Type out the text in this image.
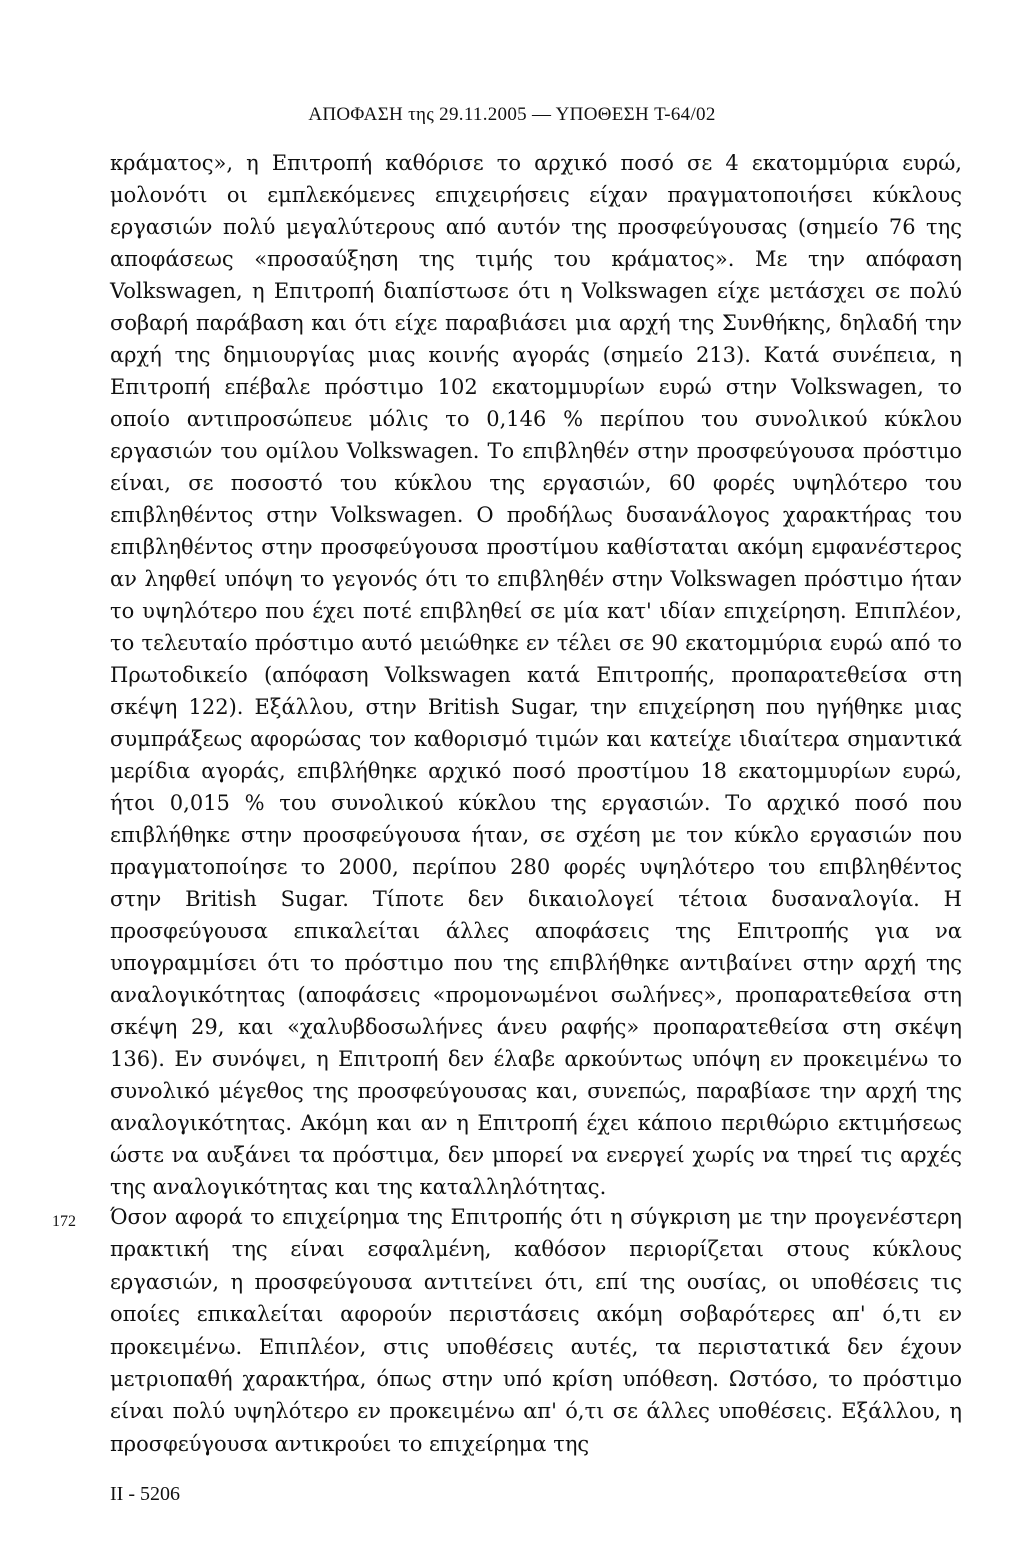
ΑΠΟΦΑΣΗ της 29.11.2005 — ΥΠΟΘΕΣΗ T-64/02
κράματος», η Επιτροπή καθόρισε το αρχικό ποσό σε 4 εκατομμύρια ευρώ, μολονότι οι εμπλεκόμενες επιχειρήσεις είχαν πραγματοποιήσει κύκλους εργασιών πολύ μεγαλύτερους από αυτόν της προσφεύγουσας (σημείο 76 της αποφάσεως «προσαύξηση της τιμής του κράματος». Με την απόφαση Volkswagen, η Επιτροπή διαπίστωσε ότι η Volkswagen είχε μετάσχει σε πολύ σοβαρή παράβαση και ότι είχε παραβιάσει μια αρχή της Συνθήκης, δηλαδή την αρχή της δημιουργίας μιας κοινής αγοράς (σημείο 213). Κατά συνέπεια, η Επιτροπή επέβαλε πρόστιμο 102 εκατομμυρίων ευρώ στην Volkswagen, το οποίο αντιπροσώπευε μόλις το 0,146 % περίπου του συνολικού κύκλου εργασιών του ομίλου Volkswagen. Το επιβληθέν στην προσφεύγουσα πρόστιμο είναι, σε ποσοστό του κύκλου της εργασιών, 60 φορές υψηλότερο του επιβληθέντος στην Volkswagen. Ο προδήλως δυσανάλογος χαρακτήρας του επιβληθέντος στην προσφεύγουσα προστίμου καθίσταται ακόμη εμφανέστερος αν ληφθεί υπόψη το γεγονός ότι το επιβληθέν στην Volkswagen πρόστιμο ήταν το υψηλότερο που έχει ποτέ επιβληθεί σε μία κατ' ιδίαν επιχείρηση. Επιπλέον, το τελευταίο πρόστιμο αυτό μειώθηκε εν τέλει σε 90 εκατομμύρια ευρώ από το Πρωτοδικείο (απόφαση Volkswagen κατά Επιτροπής, προπαρατεθείσα στη σκέψη 122). Εξάλλου, στην British Sugar, την επιχείρηση που ηγήθηκε μιας συμπράξεως αφορώσας τον καθορισμό τιμών και κατείχε ιδιαίτερα σημαντικά μερίδια αγοράς, επιβλήθηκε αρχικό ποσό προστίμου 18 εκατομμυρίων ευρώ, ήτοι 0,015 % του συνολικού κύκλου της εργασιών. Το αρχικό ποσό που επιβλήθηκε στην προσφεύγουσα ήταν, σε σχέση με τον κύκλο εργασιών που πραγματοποίησε το 2000, περίπου 280 φορές υψηλότερο του επιβληθέντος στην British Sugar. Τίποτε δεν δικαιολογεί τέτοια δυσαναλογία. Η προσφεύγουσα επικαλείται άλλες αποφάσεις της Επιτροπής για να υπογραμμίσει ότι το πρόστιμο που της επιβλήθηκε αντιβαίνει στην αρχή της αναλογικότητας (αποφάσεις «προμονωμένοι σωλήνες», προπαρατεθείσα στη σκέψη 29, και «χαλυβδοσωλήνες άνευ ραφής» προπαρατεθείσα στη σκέψη 136). Εν συνόψει, η Επιτροπή δεν έλαβε αρκούντως υπόψη εν προκειμένω το συνολικό μέγεθος της προσφεύγουσας και, συνεπώς, παραβίασε την αρχή της αναλογικότητας. Ακόμη και αν η Επιτροπή έχει κάποιο περιθώριο εκτιμήσεως ώστε να αυξάνει τα πρόστιμα, δεν μπορεί να ενεργεί χωρίς να τηρεί τις αρχές της αναλογικότητας και της καταλληλότητας.
172 Όσον αφορά το επιχείρημα της Επιτροπής ότι η σύγκριση με την προγενέστερη πρακτική της είναι εσφαλμένη, καθόσον περιορίζεται στους κύκλους εργασιών, η προσφεύγουσα αντιτείνει ότι, επί της ουσίας, οι υποθέσεις τις οποίες επικαλείται αφορούν περιστάσεις ακόμη σοβαρότερες απ' ό,τι εν προκειμένω. Επιπλέον, στις υποθέσεις αυτές, τα περιστατικά δεν έχουν μετριοπαθή χαρακτήρα, όπως στην υπό κρίση υπόθεση. Ωστόσο, το πρόστιμο είναι πολύ υψηλότερο εν προκειμένω απ' ό,τι σε άλλες υποθέσεις. Εξάλλου, η προσφεύγουσα αντικρούει το επιχείρημα της
II - 5206
